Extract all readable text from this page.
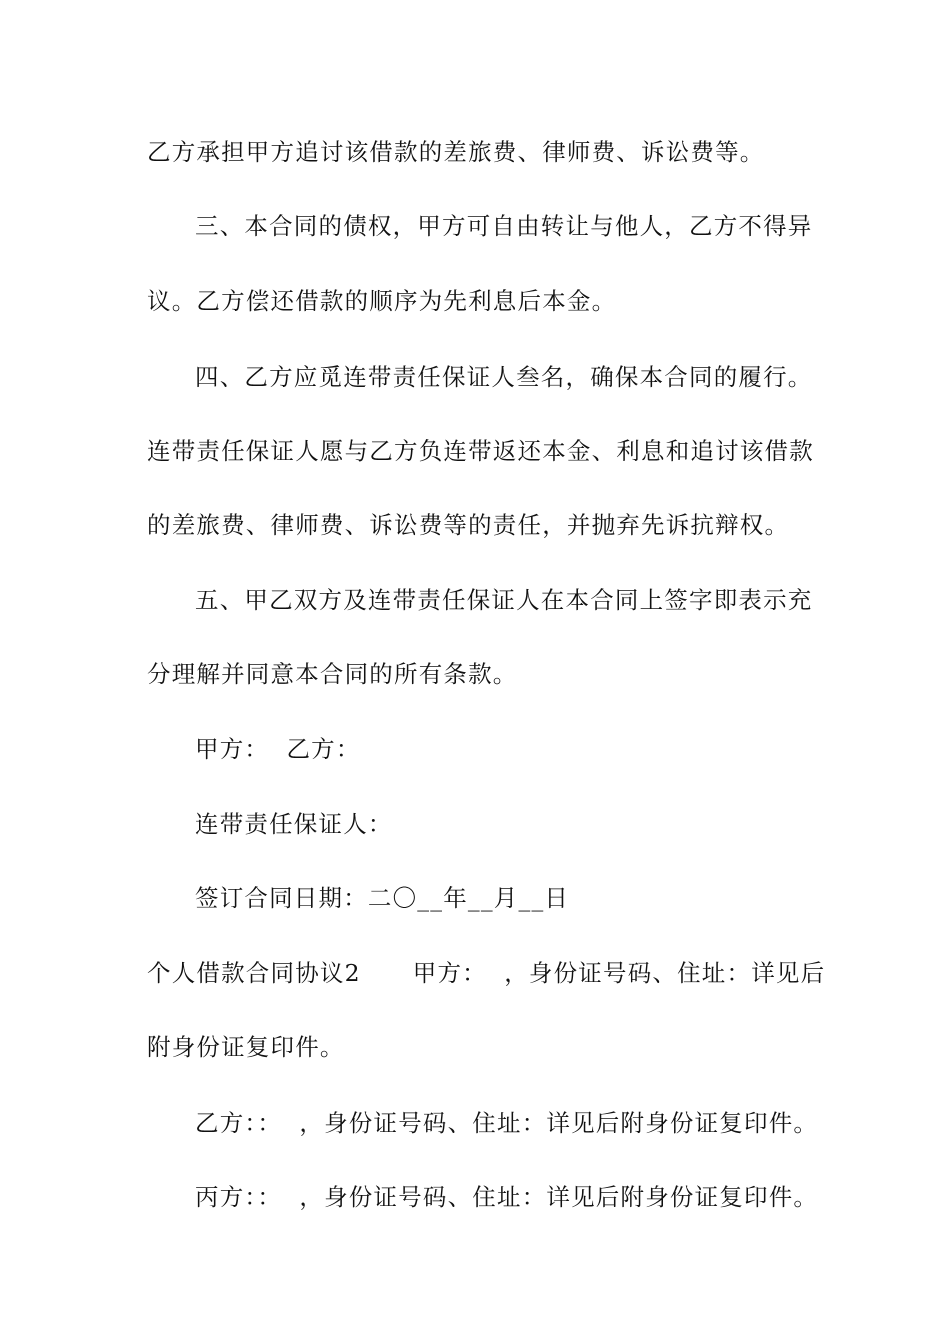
乙方承担甲方追讨该借款的差旅费、律师费、诉讼费等。
三、本合同的债权，甲方可自由转让与他人，乙方不得异
议。乙方偿还借款的顺序为先利息后本金。
四、乙方应觅连带责任保证人叁名，确保本合同的履行。
连带责任保证人愿与乙方负连带返还本金、利息和追讨该借款
的差旅费、律师费、诉讼费等的责任，并抛弃先诉抗辩权。
五、甲乙双方及连带责任保证人在本合同上签字即表示充
分理解并同意本合同的所有条款。
甲方：  乙方：
连带责任保证人：
签订合同日期：二〇__年__月__日
个人借款合同协议2      甲方：  ，身份证号码、住址：详见后
附身份证复印件。
乙方：：  ，身份证号码、住址：详见后附身份证复印件。
丙方：：  ，身份证号码、住址：详见后附身份证复印件。
